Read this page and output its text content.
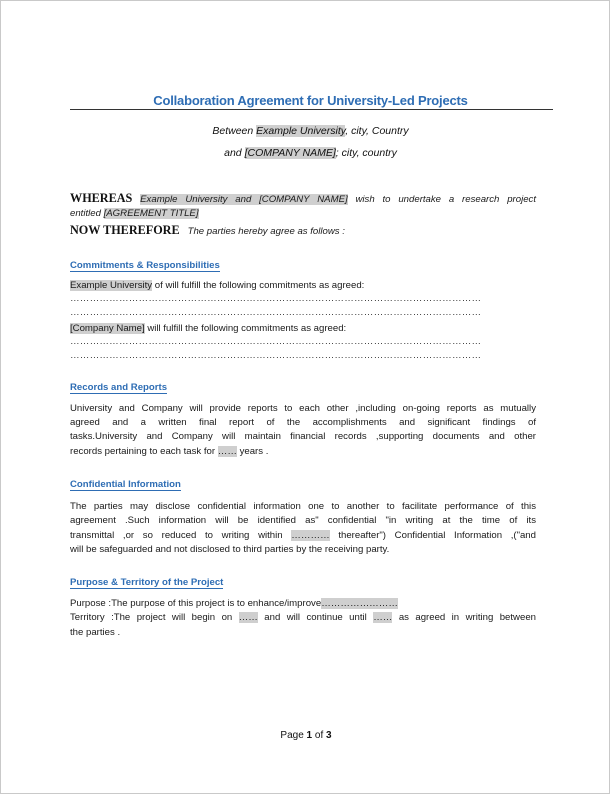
Collaboration Agreement for University-Led Projects
Between Example University, city, Country
and [COMPANY NAME]; city, country
WHEREAS Example University and [COMPANY NAME] wish to undertake a research project
entitled [AGREEMENT TITLE]
NOW THEREFORE The parties hereby agree as follows :
Commitments & Responsibilities
Example University of will fulfill the following commitments as agreed:
………………………………………………………………………………………………………………
………………………………………………………………………………………………………………
[Company Name] will fulfill the following commitments as agreed:
………………………………………………………………………………………………………………
………………………………………………………………………………………………………………
Records and Reports
University and Company will provide reports to each other ,including on-going reports as mutually
agreed and a written final report of the accomplishments and significant findings of
tasks.University and Company will maintain financial records ,supporting documents and other
records pertaining to each task for …… years .
Confidential Information
The parties may disclose confidential information one to another to facilitate performance of this
agreement .Such information will be identified as" confidential "in writing at the time of its
transmittal ,or so reduced to writing within ………… thereafter") Confidential Information ,("and
will be safeguarded and not disclosed to third parties by the receiving party.
Purpose & Territory of the Project
Purpose :The purpose of this project is to enhance/improve……………………
Territory :The project will begin on …… and will continue until …… as agreed in writing between
the parties .
Page 1 of 3
